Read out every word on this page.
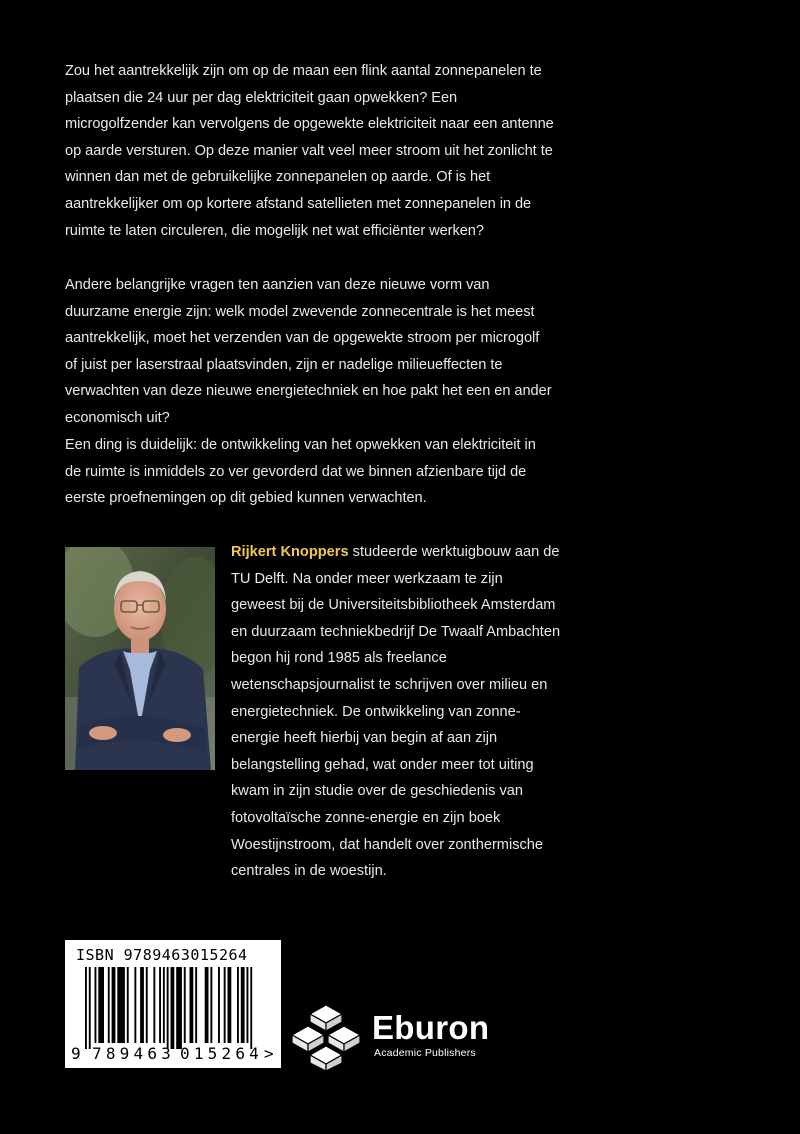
Zou het aantrekkelijk zijn om op de maan een flink aantal zonnepanelen te plaatsen die 24 uur per dag elektriciteit gaan opwekken? Een microgolfzender kan vervolgens de opgewekte elektriciteit naar een antenne op aarde versturen. Op deze manier valt veel meer stroom uit het zonlicht te winnen dan met de gebruikelijke zonnepanelen op aarde. Of is het aantrekkelijker om op kortere afstand satellieten met zonnepanelen in de ruimte te laten circuleren, die mogelijk net wat efficiënter werken?

Andere belangrijke vragen ten aanzien van deze nieuwe vorm van duurzame energie zijn: welk model zwevende zonnecentrale is het meest aantrekkelijk, moet het verzenden van de opgewekte stroom per microgolf of juist per laserstraal plaatsvinden, zijn er nadelige milieueffecten te verwachten van deze nieuwe energietechniek en hoe pakt het een en ander economisch uit?

Een ding is duidelijk: de ontwikkeling van het opwekken van elektriciteit in de ruimte is inmiddels zo ver gevorderd dat we binnen afzienbare tijd de eerste proefnemingen op dit gebied kunnen verwachten.

Rijkert Knoppers studeerde werktuigbouw aan de TU Delft. Na onder meer werkzaam te zijn geweest bij de Universiteitsbibliotheek Amsterdam en duurzaam techniekbedrijf De Twaalf Ambachten begon hij rond 1985 als freelance wetenschapsjournalist te schrijven over milieu en energietechniek. De ontwikkeling van zonne-energie heeft hierbij van begin af aan zijn belangstelling gehad, wat onder meer tot uiting kwam in zijn studie over de geschiedenis van fotovoltaïsche zonne-energie en zijn boek Woestijnstroom, dat handelt over zonthermische centrales in de woestijn.

ISBN 9789463015264
9 789463 015264 >
Eburon
Academic Publishers
